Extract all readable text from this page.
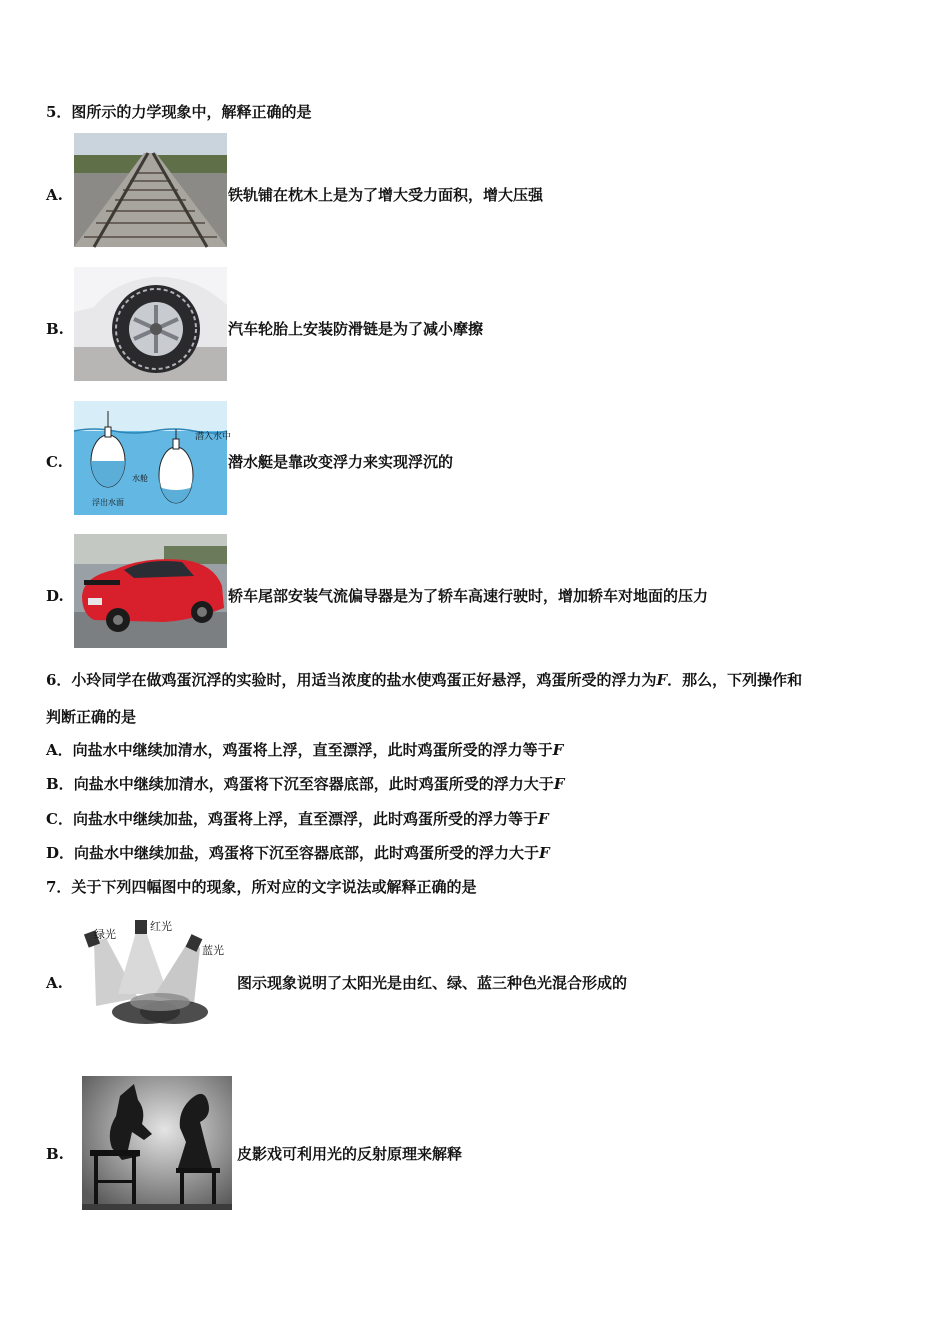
5．图所示的力学现象中，解释正确的是
A.	铁轨铺在枕木上是为了增大受力面积，增大压强
B.	汽车轮胎上安装防滑链是为了减小摩擦
C.
潜入水中
水舱
浮出水面
潜水艇是靠改变浮力来实现浮沉的
D.	轿车尾部安装气流偏导器是为了轿车高速行驶时，增加轿车对地面的压力
6．小玲同学在做鸡蛋沉浮的实验时，用适当浓度的盐水使鸡蛋正好悬浮，鸡蛋所受的浮力为F．那么，下列操作和
判断正确的是
A．向盐水中继续加清水，鸡蛋将上浮，直至漂浮，此时鸡蛋所受的浮力等于F
B．向盐水中继续加清水，鸡蛋将下沉至容器底部，此时鸡蛋所受的浮力大于F
C．向盐水中继续加盐，鸡蛋将上浮，直至漂浮，此时鸡蛋所受的浮力等于F
D．向盐水中继续加盐，鸡蛋将下沉至容器底部，此时鸡蛋所受的浮力大于F
7．关于下列四幅图中的现象，所对应的文字说法或解释正确的是
A.
绿光
红光
蓝光
图示现象说明了太阳光是由红、绿、蓝三种色光混合形成的
B.	皮影戏可利用光的反射原理来解释
